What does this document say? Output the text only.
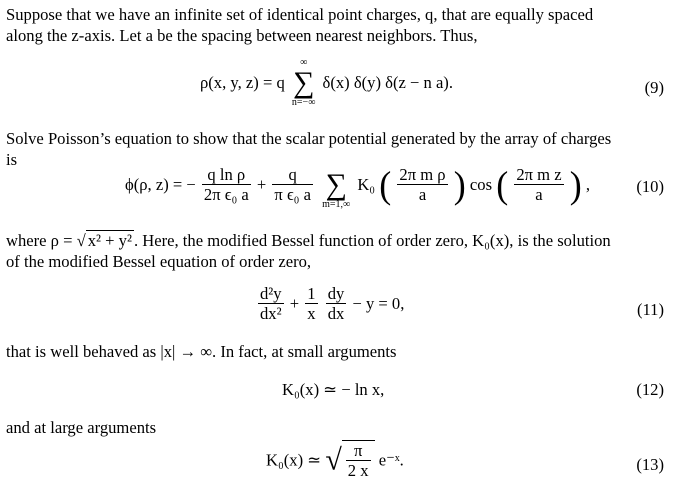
Suppose that we have an infinite set of identical point charges, q, that are equally spaced
along the z-axis. Let a be the spacing between nearest neighbors. Thus,
ρ(x, y, z) = q
∞
∑
n=−∞
δ(x) δ(y) δ(z − n a).	(9)
Solve Poisson’s equation to show that the scalar potential generated by the array of charges
is
ϕ(ρ, z) = − $\frac{\text{q ln ρ}}{\text{2π ϵ₀ a}} + \frac{q}{\text{π ϵ₀ a}}$

∑
m=1,∞
K₀ ( $\frac{\text{2π m ρ}}{a}$ ) cos ( $\frac{\text{2π m z}}{a}$ ) ,	(10)
where ρ = √ x² + y² . Here, the modified Bessel function of order zero, K₀(x), is the solution
of the modified Bessel equation of order zero,
$\frac{\text{d²y}}{\text{dx²}} + \frac{1}{x}$
$\frac{dy}{dx} - y = 0$,	(11)
that is well behaved as |x| → ∞. In fact, at small arguments
K₀(x) ≃ − ln x,	(12)
and at large arguments
K₀(x) ≃ √ $\frac{\pi}{2 x}$ e⁻ˣ.	(13)
